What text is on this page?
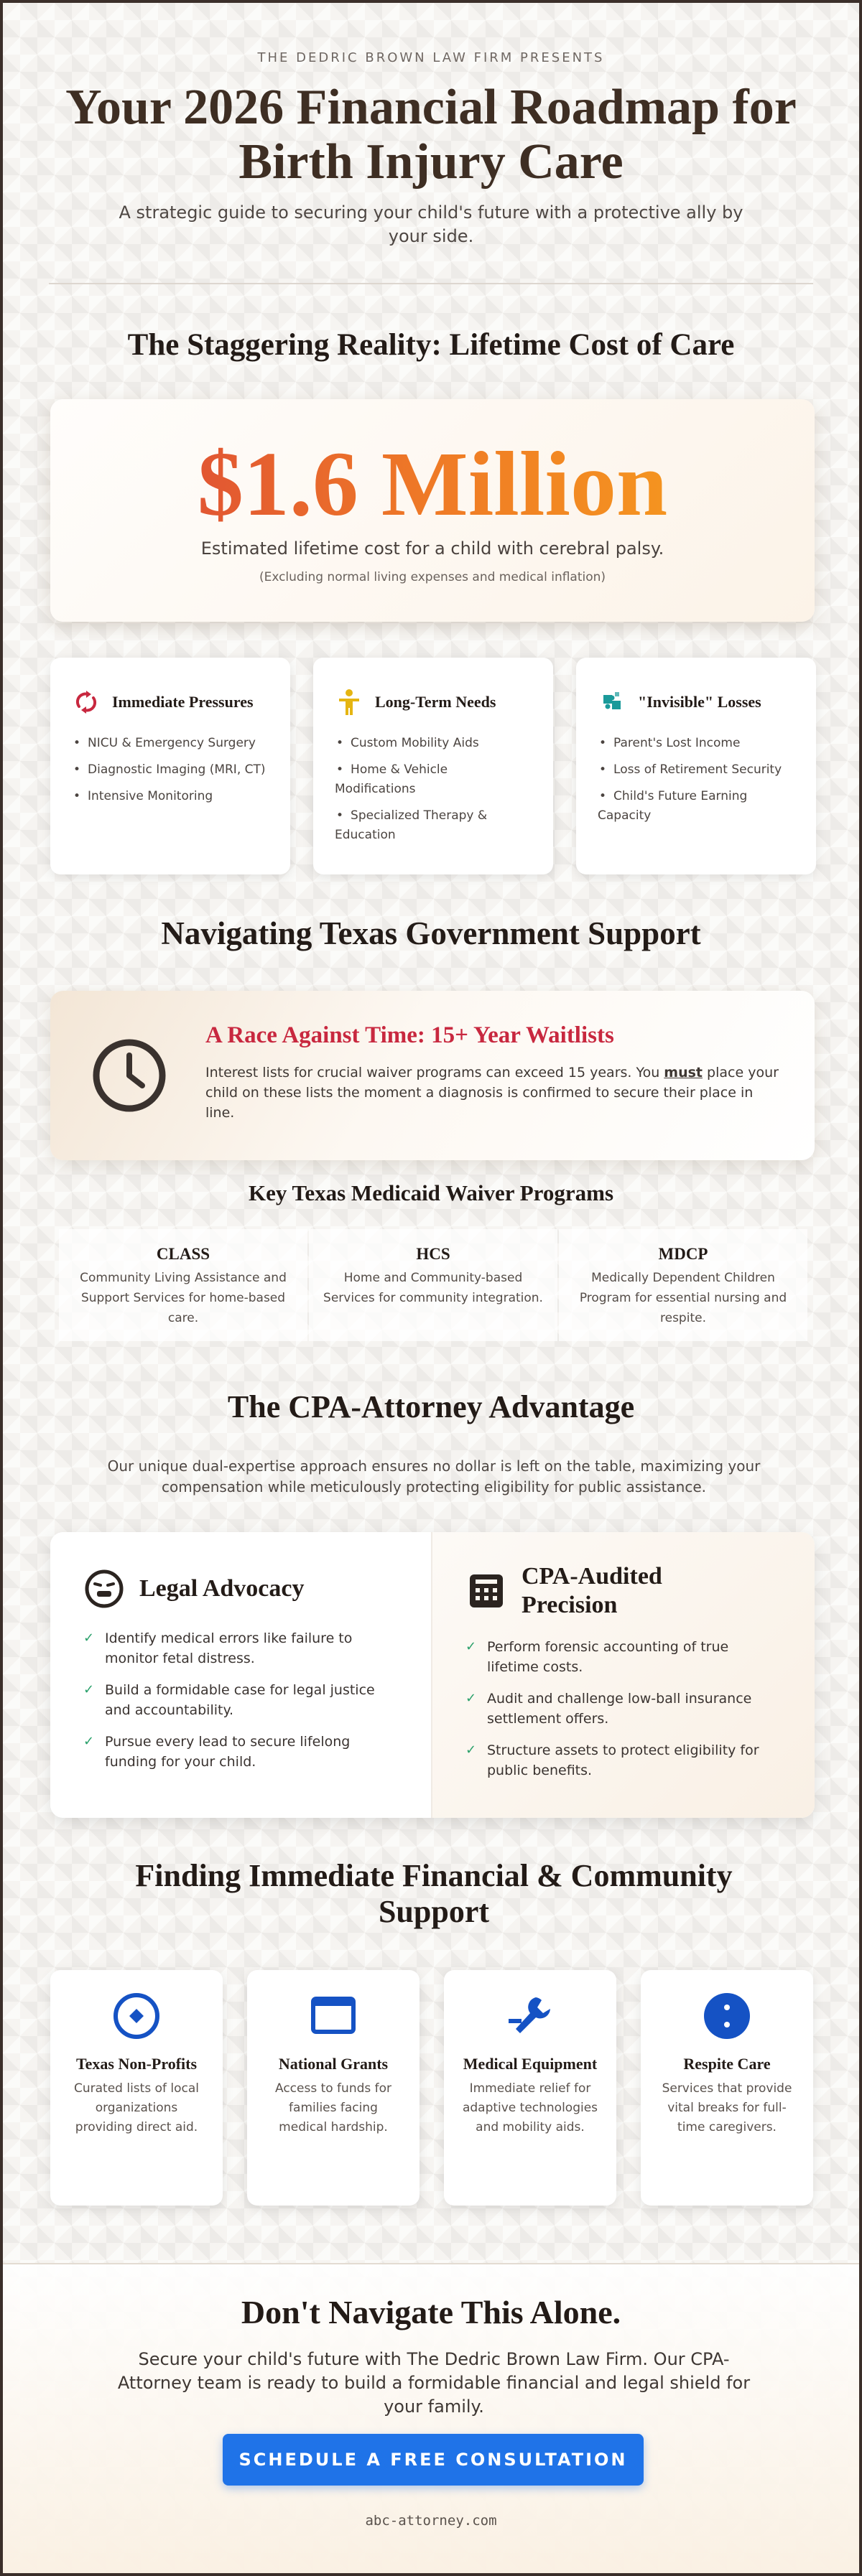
THE DEDRIC BROWN LAW FIRM PRESENTS
Your 2026 Financial Roadmap for Birth Injury Care

A strategic guide to securing your child's future with a protective ally by your side.

The Staggering Reality: Lifetime Cost of Care
$1.6 Million
Estimated lifetime cost for a child with cerebral palsy.
(Excluding normal living expenses and medical inflation)
Immediate Pressures
• NICU & Emergency Surgery
• Diagnostic Imaging (MRI, CT)
• Intensive Monitoring
Long-Term Needs
• Custom Mobility Aids
• Home & Vehicle Modifications
• Specialized Therapy & Education
"Invisible" Losses
• Parent's Lost Income
• Loss of Retirement Security
• Child's Future Earning Capacity
Navigating Texas Government Support
A Race Against Time: 15+ Year Waitlists

Interest lists for crucial waiver programs can exceed 15 years. You must place your child on these lists the moment a diagnosis is confirmed to secure their place in line.

Key Texas Medicaid Waiver Programs
CLASS
Community Living Assistance and Support Services for home-based care.
HCS
Home and Community-based Services for community integration.
MDCP
Medically Dependent Children Program for essential nursing and respite.
The CPA-Attorney Advantage

Our unique dual-expertise approach ensures no dollar is left on the table, maximizing your compensation while meticulously protecting eligibility for public assistance.

Legal Advocacy
✓ Identify medical errors like failure to monitor fetal distress.
✓ Build a formidable case for legal justice and accountability.
✓ Pursue every lead to secure lifelong funding for your child.
CPA-Audited Precision
✓ Perform forensic accounting of true lifetime costs.
✓ Audit and challenge low-ball insurance settlement offers.
✓ Structure assets to protect eligibility for public benefits.
Finding Immediate Financial & Community Support
Texas Non-Profits
Curated lists of local organizations providing direct aid.
National Grants
Access to funds for families facing medical hardship.
Medical Equipment
Immediate relief for adaptive technologies and mobility aids.
Respite Care
Services that provide vital breaks for full-time caregivers.
Don't Navigate This Alone.

Secure your child's future with The Dedric Brown Law Firm. Our CPA-Attorney team is ready to build a formidable financial and legal shield for your family.

SCHEDULE A FREE CONSULTATION
abc-attorney.com
